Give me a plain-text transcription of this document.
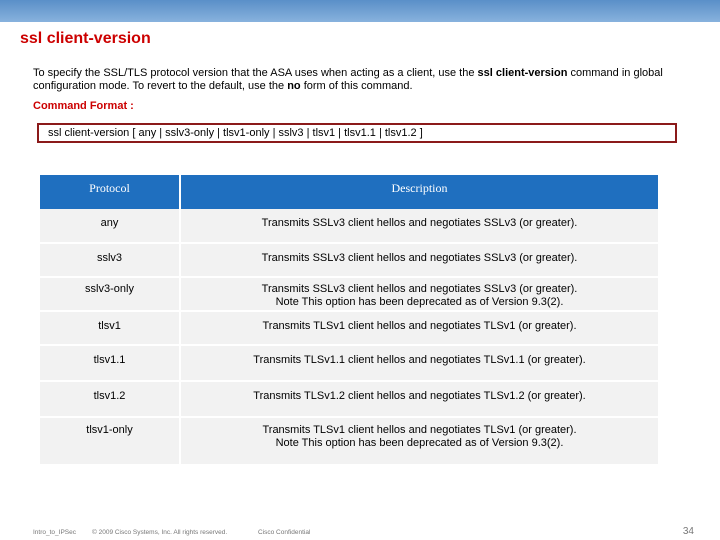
ssl client-version

To specify the SSL/TLS protocol version that the ASA uses when acting as a client, use the ssl client-version command in global configuration mode. To revert to the default, use the no form of this command.

Command Format :

ssl client-version [ any | sslv3-only | tlsv1-only | sslv3 | tlsv1 | tlsv1.1 | tlsv1.2 ]
Protocol	Description
any	Transmits SSLv3 client hellos and negotiates SSLv3 (or greater).

sslv3	Transmits SSLv3 client hellos and negotiates SSLv3 (or greater).

sslv3-only	Transmits SSLv3 client hellos and negotiates SSLv3 (or greater).
Note This option has been deprecated as of Version 9.3(2).

tlsv1	Transmits TLSv1 client hellos and negotiates TLSv1 (or greater).

tlsv1.1	Transmits TLSv1.1 client hellos and negotiates TLSv1.1 (or greater).

tlsv1.2	Transmits TLSv1.2 client hellos and negotiates TLSv1.2 (or greater).

tlsv1-only	Transmits TLSv1 client hellos and negotiates TLSv1 (or greater).
Note This option has been deprecated as of Version 9.3(2).
Intro_to_IPSec © 2009 Cisco Systems, Inc. All rights reserved.	Cisco Confidential	34
